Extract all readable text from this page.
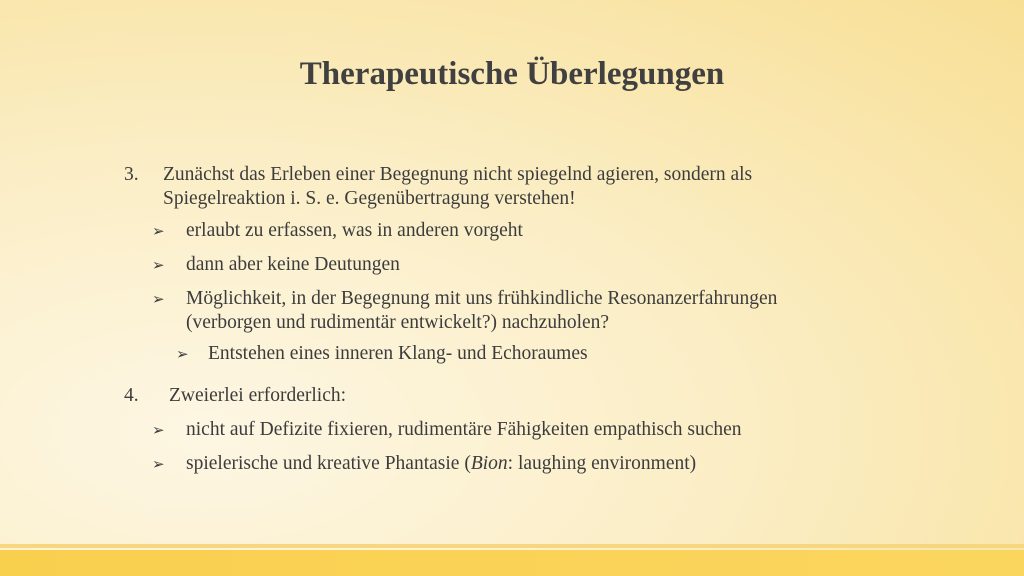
Therapeutische Überlegungen
3. Zunächst das Erleben einer Begegnung nicht spiegelnd agieren, sondern als
Spiegelreaktion i. S. e. Gegenübertragung verstehen!
➢ erlaubt zu erfassen, was in anderen vorgeht
➢ dann aber keine Deutungen
➢ Möglichkeit, in der Begegnung mit uns frühkindliche Resonanzerfahrungen
(verborgen und rudimentär entwickelt?) nachzuholen?
➢ Entstehen eines inneren Klang- und Echoraumes
4. Zweierlei erforderlich:
➢ nicht auf Defizite fixieren, rudimentäre Fähigkeiten empathisch suchen
➢ spielerische und kreative Phantasie (Bion: laughing environment)
